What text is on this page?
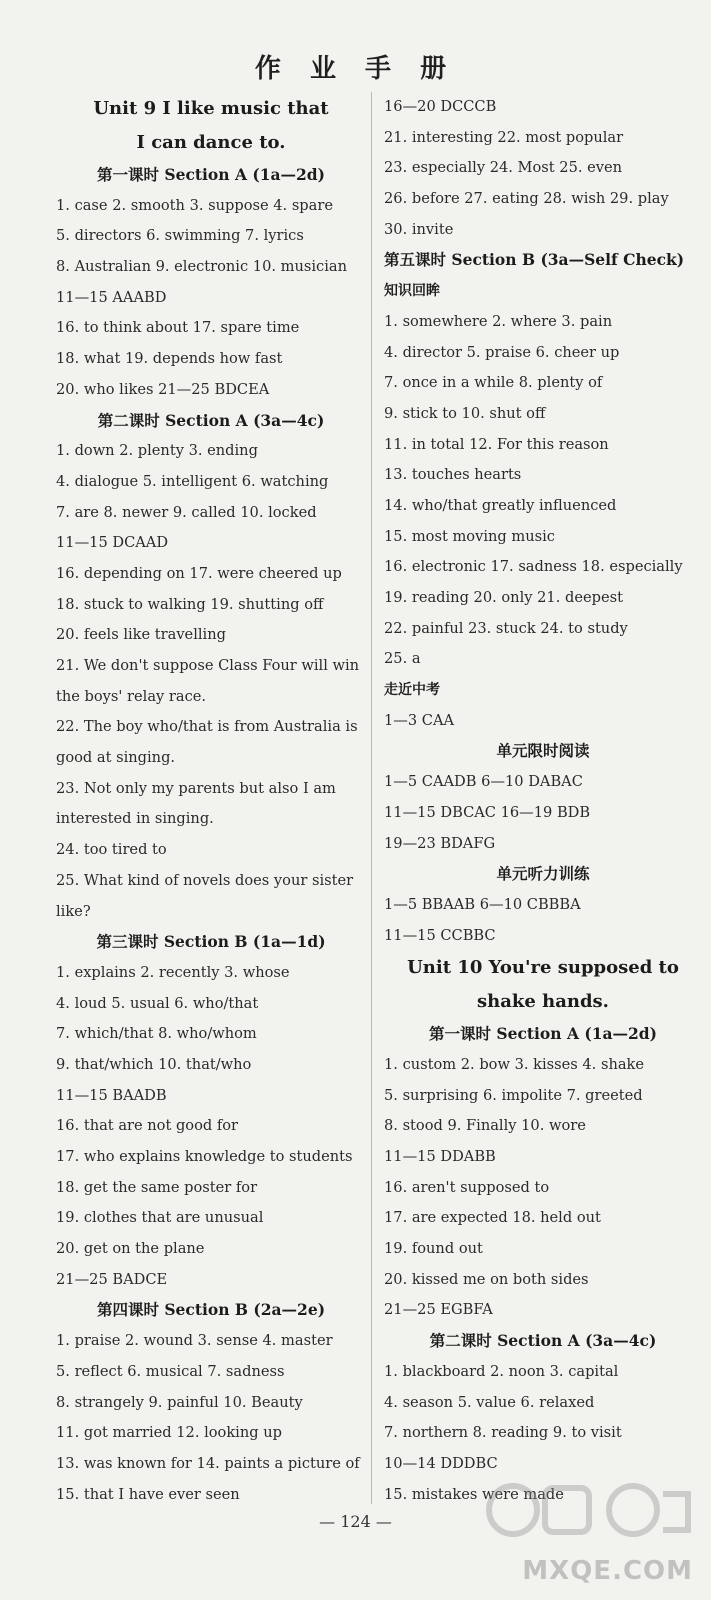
作 业 手 册
Unit 9 I like music that
I can dance to.
第一课时 Section A (1a—2d)
1. case 2. smooth 3. suppose 4. spare
5. directors 6. swimming 7. lyrics
8. Australian 9. electronic 10. musician
11—15 AAABD
16. to think about 17. spare time
18. what 19. depends how fast
20. who likes 21—25 BDCEA
第二课时 Section A (3a—4c)
1. down 2. plenty 3. ending
4. dialogue 5. intelligent 6. watching
7. are 8. newer 9. called 10. locked
11—15 DCAAD
16. depending on 17. were cheered up
18. stuck to walking 19. shutting off
20. feels like travelling
21. We don't suppose Class Four will win
the boys' relay race.
22. The boy who/that is from Australia is
good at singing.
23. Not only my parents but also I am
interested in singing.
24. too tired to
25. What kind of novels does your sister
like?
第三课时 Section B (1a—1d)
1. explains 2. recently 3. whose
4. loud 5. usual 6. who/that
7. which/that 8. who/whom
9. that/which 10. that/who
11—15 BAADB
16. that are not good for
17. who explains knowledge to students
18. get the same poster for
19. clothes that are unusual
20. get on the plane
21—25 BADCE
第四课时 Section B (2a—2e)
1. praise 2. wound 3. sense 4. master
5. reflect 6. musical 7. sadness
8. strangely 9. painful 10. Beauty
11. got married 12. looking up
13. was known for 14. paints a picture of
15. that I have ever seen
16—20 DCCCB
21. interesting 22. most popular
23. especially 24. Most 25. even
26. before 27. eating 28. wish 29. play
30. invite
第五课时 Section B (3a—Self Check)
知识回眸
1. somewhere 2. where 3. pain
4. director 5. praise 6. cheer up
7. once in a while 8. plenty of
9. stick to 10. shut off
11. in total 12. For this reason
13. touches hearts
14. who/that greatly influenced
15. most moving music
16. electronic 17. sadness 18. especially
19. reading 20. only 21. deepest
22. painful 23. stuck 24. to study
25. a
走近中考
1—3 CAA
单元限时阅读
1—5 CAADB 6—10 DABAC
11—15 DBCAC 16—19 BDB
19—23 BDAFG
单元听力训练
1—5 BBAAB 6—10 CBBBA
11—15 CCBBC
Unit 10 You're supposed to
shake hands.
第一课时 Section A (1a—2d)
1. custom 2. bow 3. kisses 4. shake
5. surprising 6. impolite 7. greeted
8. stood 9. Finally 10. wore
11—15 DDABB
16. aren't supposed to
17. are expected 18. held out
19. found out
20. kissed me on both sides
21—25 EGBFA
第二课时 Section A (3a—4c)
1. blackboard 2. noon 3. capital
4. season 5. value 6. relaxed
7. northern 8. reading 9. to visit
10—14 DDDBC
15. mistakes were made
— 124 —
MXQE.COM
